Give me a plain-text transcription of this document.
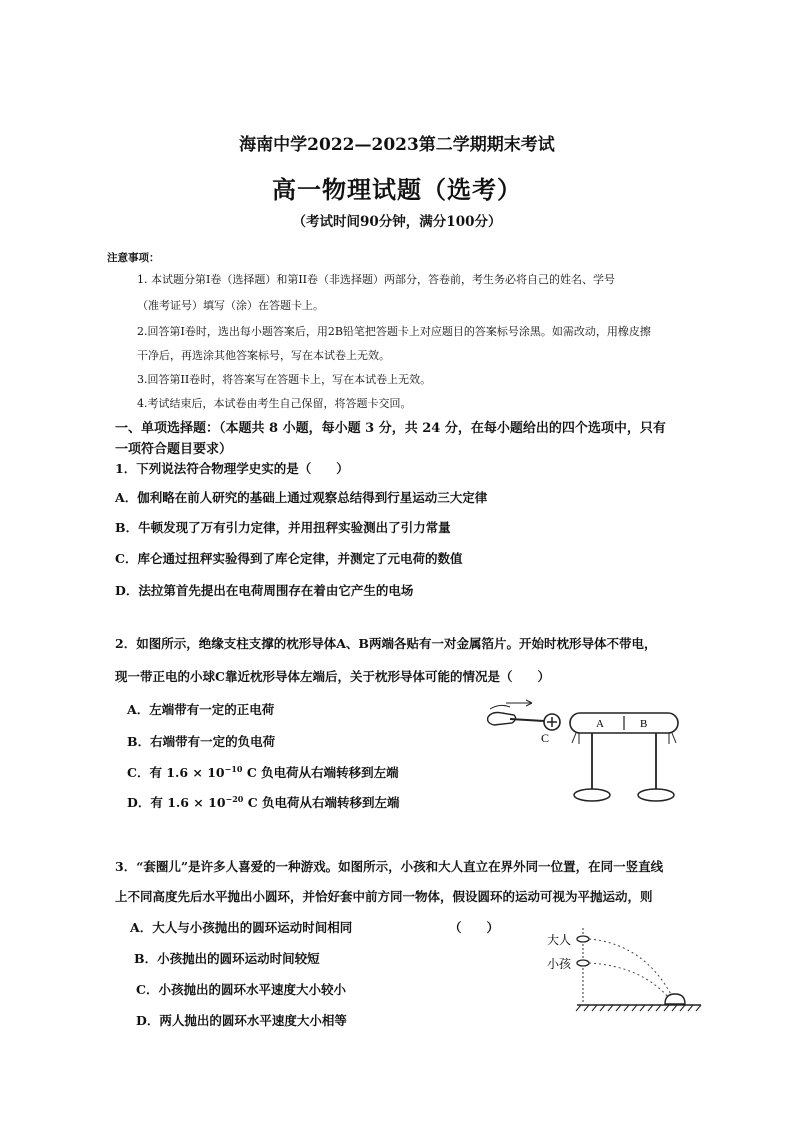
海南中学2022—2023第二学期期末考试
高一物理试题（选考）
（考试时间90分钟，满分100分）
注意事项：
1. 本试题分第I卷（选择题）和第II卷（非选择题）两部分，答卷前，考生务必将自己的姓名、学号
（准考证号）填写（涂）在答题卡上。
2.回答第I卷时，选出每小题答案后，用2B铅笔把答题卡上对应题目的答案标号涂黑。如需改动，用橡皮擦
干净后，再选涂其他答案标号，写在本试卷上无效。
3.回答第II卷时，将答案写在答题卡上，写在本试卷上无效。
4.考试结束后，本试卷由考生自己保留，将答题卡交回。
一、单项选择题：（本题共 8 小题，每小题 3 分，共 24 分，在每小题给出的四个选项中，只有
一项符合题目要求）
1．下列说法符合物理学史实的是（　　）
A．伽利略在前人研究的基础上通过观察总结得到行星运动三大定律
B．牛顿发现了万有引力定律，并用扭秤实验测出了引力常量
C．库仑通过扭秤实验得到了库仑定律，并测定了元电荷的数值
D．法拉第首先提出在电荷周围存在着由它产生的电场
2．如图所示，绝缘支柱支撑的枕形导体A、B两端各贴有一对金属箔片。开始时枕形导体不带电，
现一带正电的小球C靠近枕形导体左端后，关于枕形导体可能的情况是（　　）
A．左端带有一定的正电荷
B．右端带有一定的负电荷
C．有 $1.6 \times 10^{-10}$ C 负电荷从右端转移到左端
D．有 $1.6 \times 10^{-20}$ C 负电荷从右端转移到左端
C
A	B
3．“套圈儿”是许多人喜爱的一种游戏。如图所示，小孩和大人直立在界外同一位置，在同一竖直线
上不同高度先后水平抛出小圆环，并恰好套中前方同一物体，假设圆环的运动可视为平抛运动，则
A．大人与小孩抛出的圆环运动时间相同	（　　）
B．小孩抛出的圆环运动时间较短
C．小孩抛出的圆环水平速度大小较小
D．两人抛出的圆环水平速度大小相等
大人
小孩
